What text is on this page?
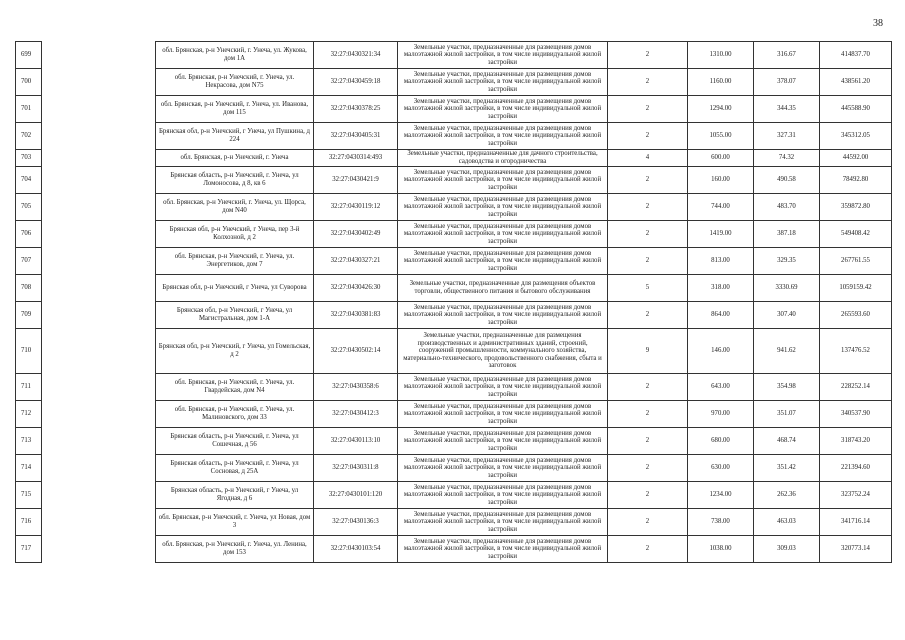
38
699		обл. Брянская, р-н Унечский, г. Унеча, ул. Жукова, дом 1А	32:27:0430321:34	Земельные участки, предназначенные для размещения домов малоэтажной жилой застройки, в том числе индивидуальной жилой застройки	2	1310.00	316.67	414837.70
700		обл. Брянская, р-н Унечский, г. Унеча, ул. Некрасова, дом N75	32:27:0430459:18	Земельные участки, предназначенные для размещения домов малоэтажной жилой застройки, в том числе индивидуальной жилой застройки	2	1160.00	378.07	438561.20
701		обл. Брянская, р-н Унечский, г. Унеча, ул. Иванова, дом 115	32:27:0430378:25	Земельные участки, предназначенные для размещения домов малоэтажной жилой застройки, в том числе индивидуальной жилой застройки	2	1294.00	344.35	445588.90
702		Брянская обл, р-н Унечский, г Унеча, ул Пушкина, д 224	32:27:0430405:31	Земельные участки, предназначенные для размещения домов малоэтажной жилой застройки, в том числе индивидуальной жилой застройки	2	1055.00	327.31	345312.05
703		обл. Брянская, р-н Унечский, г. Унеча	32:27:0430314:493	Земельные участки, предназначенные для дачного строительства, садоводства и огородничества	4	600.00	74.32	44592.00
704		Брянская область, р-н Унечский, г. Унеча, ул Ломоносова, д 8, кв 6	32:27:0430421:9	Земельные участки, предназначенные для размещения домов малоэтажной жилой застройки, в том числе индивидуальной жилой застройки	2	160.00	490.58	78492.80
705		обл. Брянская, р-н Унечский, г. Унеча, ул. Щорса, дом N40	32:27:0430119:12	Земельные участки, предназначенные для размещения домов малоэтажной жилой застройки, в том числе индивидуальной жилой застройки	2	744.00	483.70	359872.80
706		Брянская обл, р-н Унечский, г Унеча, пер 3-й Колхозной, д 2	32:27:0430402:49	Земельные участки, предназначенные для размещения домов малоэтажной жилой застройки, в том числе индивидуальной жилой застройки	2	1419.00	387.18	549408.42
707		обл. Брянская, р-н Унечский, г. Унеча, ул. Энергетиков, дом 7	32:27:0430327:21	Земельные участки, предназначенные для размещения домов малоэтажной жилой застройки, в том числе индивидуальной жилой застройки	2	813.00	329.35	267761.55
708		Брянская обл, р-н Унечский, г Унеча, ул Суворова	32:27:0430426:30	Земельные участки, предназначенные для размещения объектов торговли, общественного питания и бытового обслуживания	5	318.00	3330.69	1059159.42
709		Брянская обл, р-н Унечский, г Унеча, ул Магистральная, дом 1-А	32:27:0430381:83	Земельные участки, предназначенные для размещения домов малоэтажной жилой застройки, в том числе индивидуальной жилой застройки	2	864.00	307.40	265593.60
710		Брянская обл, р-н Унечский, г Унеча, ул Гомельская, д 2	32:27:0430502:14	Земельные участки, предназначенные для размещения производственных и административных зданий, строений, сооружений промышленности, коммунального хозяйства, материально-технического, продовольственного снабжения, сбыта и заготовок	9	146.00	941.62	137476.52
711		обл. Брянская, р-н Унечский, г. Унеча, ул. Гвардейская, дом N4	32:27:0430358:6	Земельные участки, предназначенные для размещения домов малоэтажной жилой застройки, в том числе индивидуальной жилой застройки	2	643.00	354.98	228252.14
712		обл. Брянская, р-н Унечский, г. Унеча, ул. Малиновского, дом 33	32:27:0430412:3	Земельные участки, предназначенные для размещения домов малоэтажной жилой застройки, в том числе индивидуальной жилой застройки	2	970.00	351.07	340537.90
713		Брянская область, р-н Унечский, г. Унеча, ул Сошечная, д 56	32:27:0430113:10	Земельные участки, предназначенные для размещения домов малоэтажной жилой застройки, в том числе индивидуальной жилой застройки	2	680.00	468.74	318743.20
714		Брянская область, р-н Унечский, г. Унеча, ул Сосновая, д 25А	32:27:0430311:8	Земельные участки, предназначенные для размещения домов малоэтажной жилой застройки, в том числе индивидуальной жилой застройки	2	630.00	351.42	221394.60
715		Брянская область, р-н Унечский, г Унеча, ул Ягодная, д 6	32:27:0430101:120	Земельные участки, предназначенные для размещения домов малоэтажной жилой застройки, в том числе индивидуальной жилой застройки	2	1234.00	262.36	323752.24
716		обл. Брянская, р-н Унечский, г. Унеча, ул Новая, дом 3	32:27:0430136:3	Земельные участки, предназначенные для размещения домов малоэтажной жилой застройки, в том числе индивидуальной жилой застройки	2	738.00	463.03	341716.14
717		обл. Брянская, р-н Унечский, г. Унеча, ул. Ленина, дом 153	32:27:0430103:54	Земельные участки, предназначенные для размещения домов малоэтажной жилой застройки, в том числе индивидуальной жилой застройки	2	1038.00	309.03	320773.14
